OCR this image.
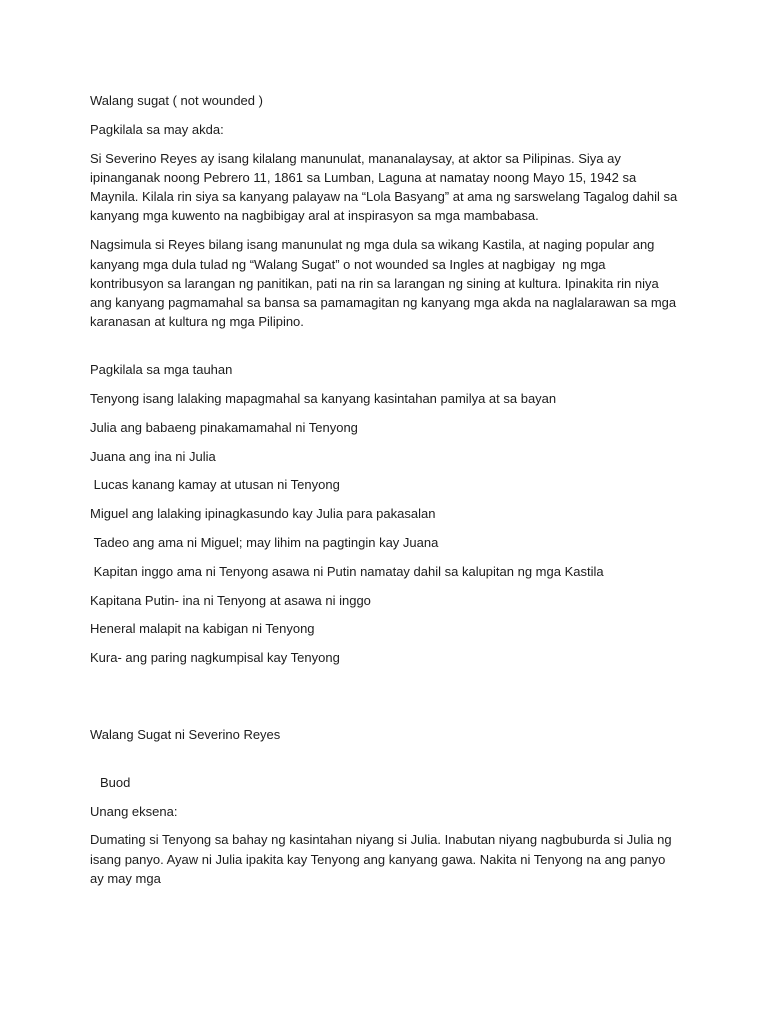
Walang sugat ( not wounded )

Pagkilala sa may akda:

Si Severino Reyes ay isang kilalang manunulat, mananalaysay, at aktor sa Pilipinas. Siya ay ipinanganak noong Pebrero 11, 1861 sa Lumban, Laguna at namatay noong Mayo 15, 1942 sa Maynila. Kilala rin siya sa kanyang palayaw na “Lola Basyang” at ama ng sarswelang Tagalog dahil sa kanyang mga kuwento na nagbibigay aral at inspirasyon sa mga mambabasa.

Nagsimula si Reyes bilang isang manunulat ng mga dula sa wikang Kastila, at naging popular ang kanyang mga dula tulad ng “Walang Sugat” o not wounded sa Ingles at nagbigay  ng mga kontribusyon sa larangan ng panitikan, pati na rin sa larangan ng sining at kultura. Ipinakita rin niya ang kanyang pagmamahal sa bansa sa pamamagitan ng kanyang mga akda na naglalarawan sa mga karanasan at kultura ng mga Pilipino.

Pagkilala sa mga tauhan

Tenyong isang lalaking mapagmahal sa kanyang kasintahan pamilya at sa bayan

Julia ang babaeng pinakamamahal ni Tenyong

Juana ang ina ni Julia

Lucas kanang kamay at utusan ni Tenyong

Miguel ang lalaking ipinagkasundo kay Julia para pakasalan

Tadeo ang ama ni Miguel; may lihim na pagtingin kay Juana

Kapitan inggo ama ni Tenyong asawa ni Putin namatay dahil sa kalupitan ng mga Kastila

Kapitana Putin- ina ni Tenyong at asawa ni inggo

Heneral malapit na kabigan ni Tenyong

Kura- ang paring nagkumpisal kay Tenyong

Walang Sugat ni Severino Reyes

Buod

Unang eksena:

Dumating si Tenyong sa bahay ng kasintahan niyang si Julia. Inabutan niyang nagbuburda si Julia ng isang panyo. Ayaw ni Julia ipakita kay Tenyong ang kanyang gawa. Nakita ni Tenyong na ang panyo ay may mga
